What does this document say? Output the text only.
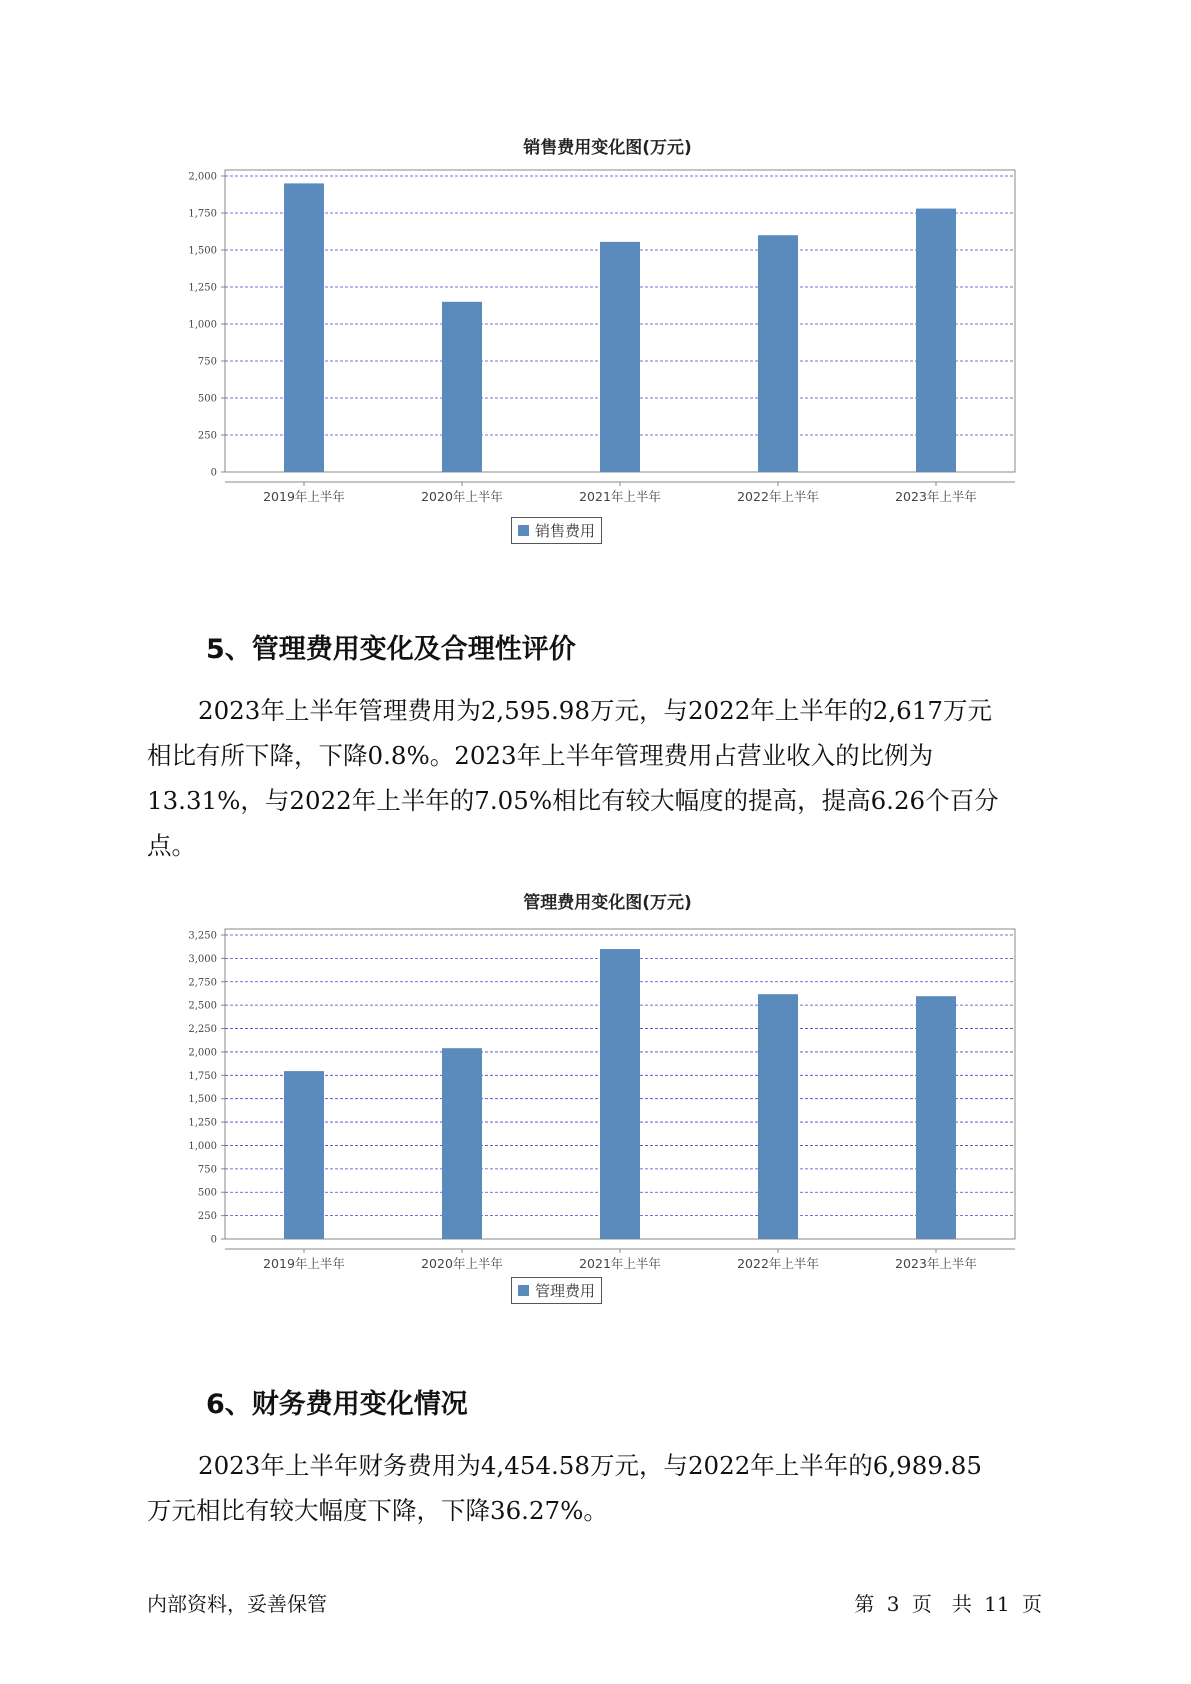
销售费用变化图(万元)
0
250
500
750
1,000
1,250
1,500
1,750
2,000
2019年上半年	2020年上半年	2021年上半年	2022年上半年	2023年上半年
销售费用
5、管理费用变化及合理性评价
2023年上半年管理费用为2,595.98万元，与2022年上半年的2,617万元
相比有所下降，下降0.8%。2023年上半年管理费用占营业收入的比例为
13.31%，与2022年上半年的7.05%相比有较大幅度的提高，提高6.26个百分
点。
管理费用变化图(万元)
0
250
500
750
1,000
1,250
1,500
1,750
2,000
2,250
2,500
2,750
3,000
3,250
2019年上半年	2020年上半年	2021年上半年	2022年上半年	2023年上半年
管理费用
6、财务费用变化情况
2023年上半年财务费用为4,454.58万元，与2022年上半年的6,989.85
万元相比有较大幅度下降，下降36.27%。
内部资料，妥善保管	第 3 页　共 11 页
